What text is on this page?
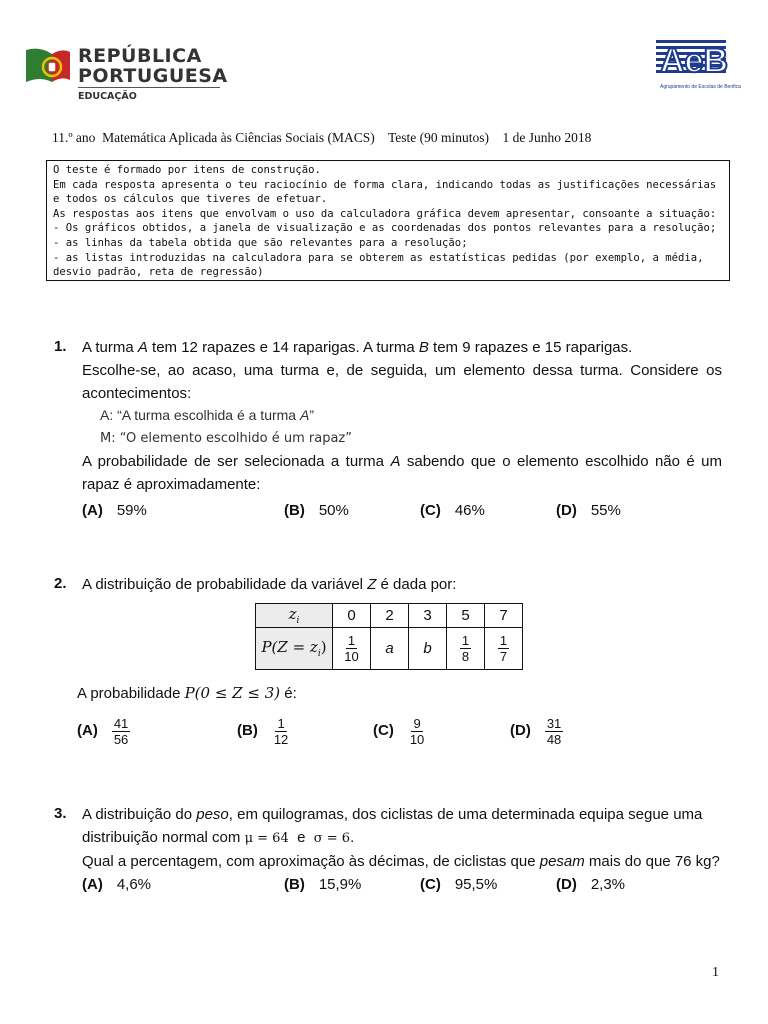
REPÚBLICA
PORTUGUESA
EDUCAÇÃO
AeB
Agrupamento de Escolas de Benfica
11.º ano  Matemática Aplicada às Ciências Sociais (MACS)    Teste (90 minutos)    1 de Junho 2018
O teste é formado por itens de construção.
Em cada resposta apresenta o teu raciocínio de forma clara, indicando todas as justificações necessárias
e todos os cálculos que tiveres de efetuar.
As respostas aos itens que envolvam o uso da calculadora gráfica devem apresentar, consoante a situação:
- Os gráficos obtidos, a janela de visualização e as coordenadas dos pontos relevantes para a resolução;
- as linhas da tabela obtida que são relevantes para a resolução;
- as listas introduzidas na calculadora para se obterem as estatísticas pedidas (por exemplo, a média,
desvio padrão, reta de regressão)
1. A turma A tem 12 rapazes e 14 raparigas. A turma B tem 9 rapazes e 15 raparigas.
Escolhe-se, ao acaso, uma turma e, de seguida, um elemento dessa turma. Considere os acontecimentos:
A: “A turma escolhida é a turma A”
M: “O elemento escolhido é um rapaz”
A probabilidade de ser selecionada a turma A sabendo que o elemento escolhido não é um rapaz é aproximadamente:
(A) 59%	(B) 50%	(C) 46%	(D) 55%
2. A distribuição de probabilidade da variável Z é dada por:
$z_i$	0	2	3	5	7
$P(Z = z_i)$	$\frac{1}{10}$	a	b	$\frac{1}{8}$	$\frac{1}{7}$
A probabilidade P(0 ≤ Z ≤ 3) é:
$(A) \frac{41}{56}$	$(B) \frac{1}{12}$	$(C) \frac{9}{10}$	$(D) \frac{31}{48}$
3. A distribuição do peso, em quilogramas, dos ciclistas de uma determinada equipa segue uma
distribuição normal com μ = 64 e σ = 6.
Qual a percentagem, com aproximação às décimas, de ciclistas que pesam mais do que 76 kg?
(A) 4,6%	(B) 15,9%	(C) 95,5%	(D) 2,3%
1
